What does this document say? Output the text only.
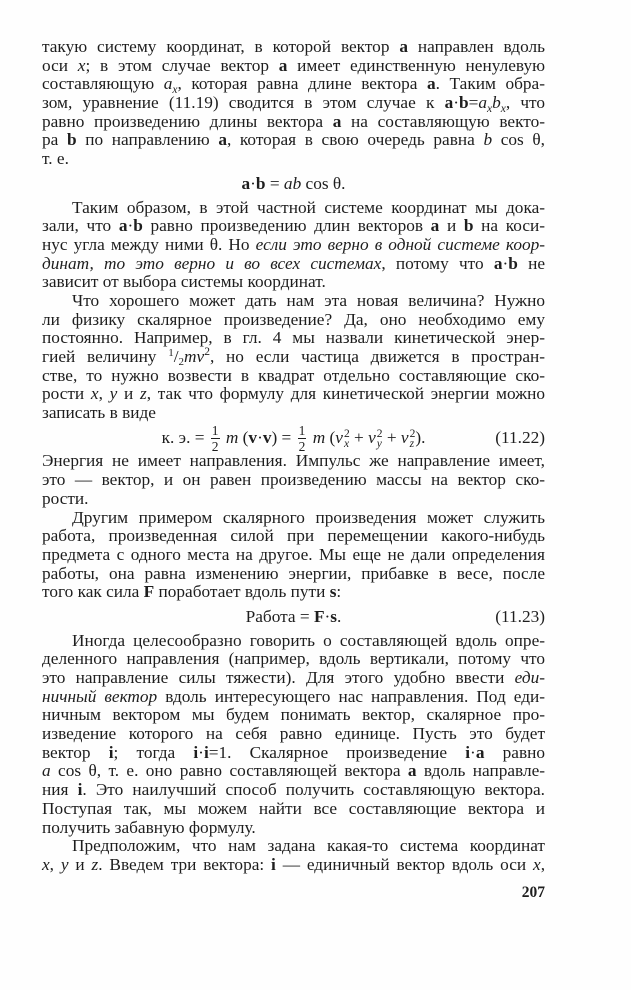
такую систему координат, в которой вектор a направлен вдоль
оси x; в этом случае вектор a имеет единственную ненулевую
составляющую $a_x$, которая равна длине вектора a. Таким обра-
зом, уравнение (11.19) сводится в этом случае к $a\cdot b=a_xb_x$, что
равно произведению длины вектора a на составляющую векто-
ра b по направлению a, которая в свою очередь равна b cos θ,
т. е.
a·b = ab cos θ.
Таким образом, в этой частной системе координат мы дока-
зали, что a·b равно произведению длин векторов a и b на коси-
нус угла между ними θ. Но если это верно в одной системе коор-
динат, то это верно и во всех системах, потому что a·b не
зависит от выбора системы координат.
Что хорошего может дать нам эта новая величина? Нужно
ли физику скалярное произведение? Да, оно необходимо ему
постоянно. Например, в гл. 4 мы назвали кинетической энер-
гией величину $^1/2mv^2$, но если частица движется в простран-
стве, то нужно возвести в квадрат отдельно составляющие ско-
рости x, y и z, так что формулу для кинетической энергии можно
записать в виде
к. э. = $\frac{1}{2}$ m $(v\cdot v) = \frac{1}{2}$ m (v 2
x + v 2
y + v 2
z ).	(11.22)
Энергия не имеет направления. Импульс же направление имеет,
это — вектор, и он равен произведению массы на вектор ско-
рости.
Другим примером скалярного произведения может служить
работа, произведенная силой при перемещении какого-нибудь
предмета с одного места на другое. Мы еще не дали определения
работы, она равна изменению энергии, прибавке в весе, после
того как сила F поработает вдоль пути s:
Работа = F·s.	(11.23)
Иногда целесообразно говорить о составляющей вдоль опре-
деленного направления (например, вдоль вертикали, потому что
это направление силы тяжести). Для этого удобно ввести еди-
ничный вектор вдоль интересующего нас направления. Под еди-
ничным вектором мы будем понимать вектор, скалярное про-
изведение которого на себя равно единице. Пусть это будет
вектор i; тогда i·i=1. Скалярное произведение i·a равно
a cos θ, т. е. оно равно составляющей вектора a вдоль направле-
ния i. Это наилучший способ получить составляющую вектора.
Поступая так, мы можем найти все составляющие вектора и
получить забавную формулу.
Предположим, что нам задана какая-то система координат
x, y и z. Введем три вектора: i — единичный вектор вдоль оси x,
207
